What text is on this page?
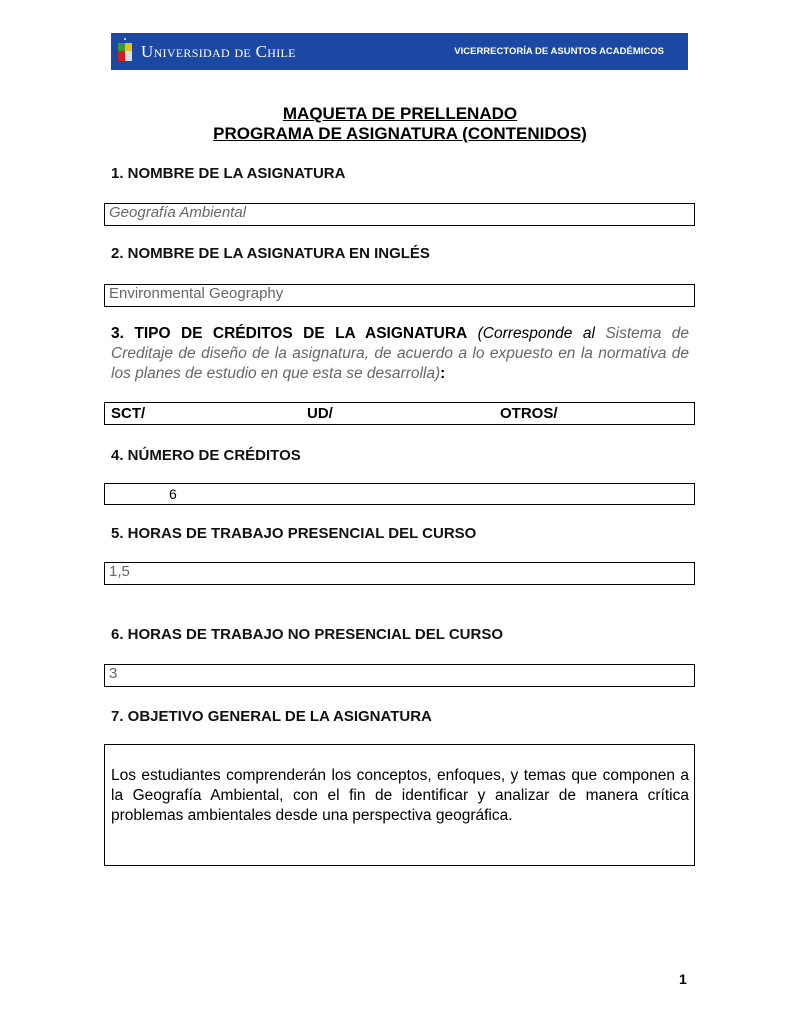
Universidad de Chile	VICERRECTORÍA DE ASUNTOS ACADÉMICOS
MAQUETA DE PRELLENADO
PROGRAMA DE ASIGNATURA (CONTENIDOS)
1. NOMBRE DE LA ASIGNATURA
Geografía Ambiental
2. NOMBRE DE LA ASIGNATURA EN INGLÉS
Environmental Geography
3. TIPO DE CRÉDITOS DE LA ASIGNATURA (Corresponde al Sistema de Creditaje de diseño de la asignatura, de acuerdo a lo expuesto en la normativa de los planes de estudio en que esta se desarrolla):
SCT/	UD/	OTROS/
4. NÚMERO DE CRÉDITOS
6
5. HORAS DE TRABAJO PRESENCIAL DEL CURSO
1,5
6. HORAS DE TRABAJO NO PRESENCIAL DEL CURSO
3
7. OBJETIVO GENERAL DE LA ASIGNATURA
Los estudiantes comprenderán los conceptos, enfoques, y temas que componen a la Geografía Ambiental, con el fin de identificar y analizar de manera crítica problemas ambientales desde una perspectiva geográfica.
1
